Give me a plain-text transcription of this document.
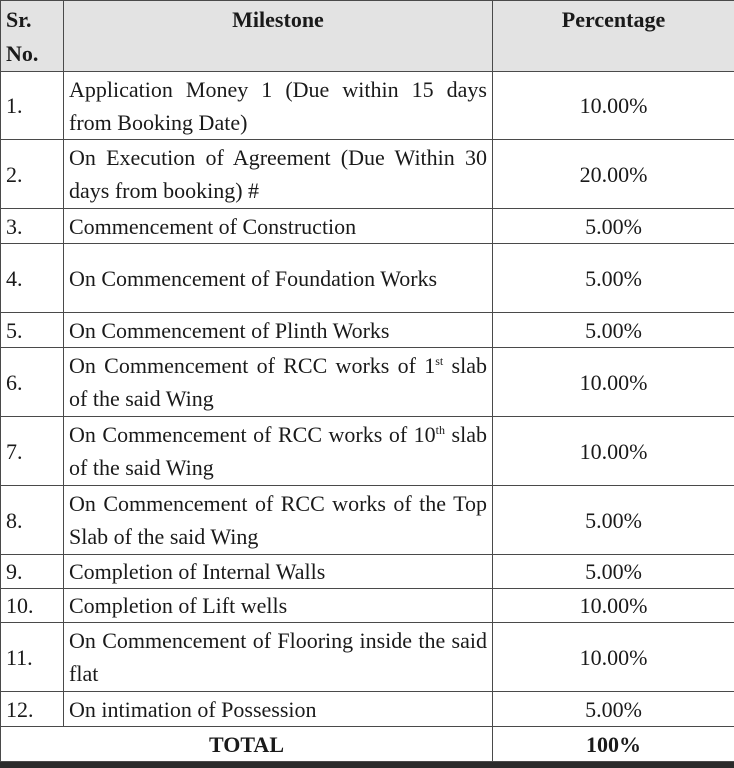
Sr. No.	Milestone	Percentage
1.	Application Money 1 (Due within 15 days from Booking Date)	10.00%
2.	On Execution of Agreement (Due Within 30 days from booking) #	20.00%
3.	Commencement of Construction	5.00%
4.	On Commencement of Foundation Works	5.00%
5.	On Commencement of Plinth Works	5.00%
6.	On Commencement of RCC works of 1st slab of the said Wing	10.00%
7.	On Commencement of RCC works of 10th slab of the said Wing	10.00%
8.	On Commencement of RCC works of the Top Slab of the said Wing	5.00%
9.	Completion of Internal Walls	5.00%
10.	Completion of Lift wells	10.00%
11.	On Commencement of Flooring inside the said flat	10.00%
12.	On intimation of Possession	5.00%
TOTAL		100%
